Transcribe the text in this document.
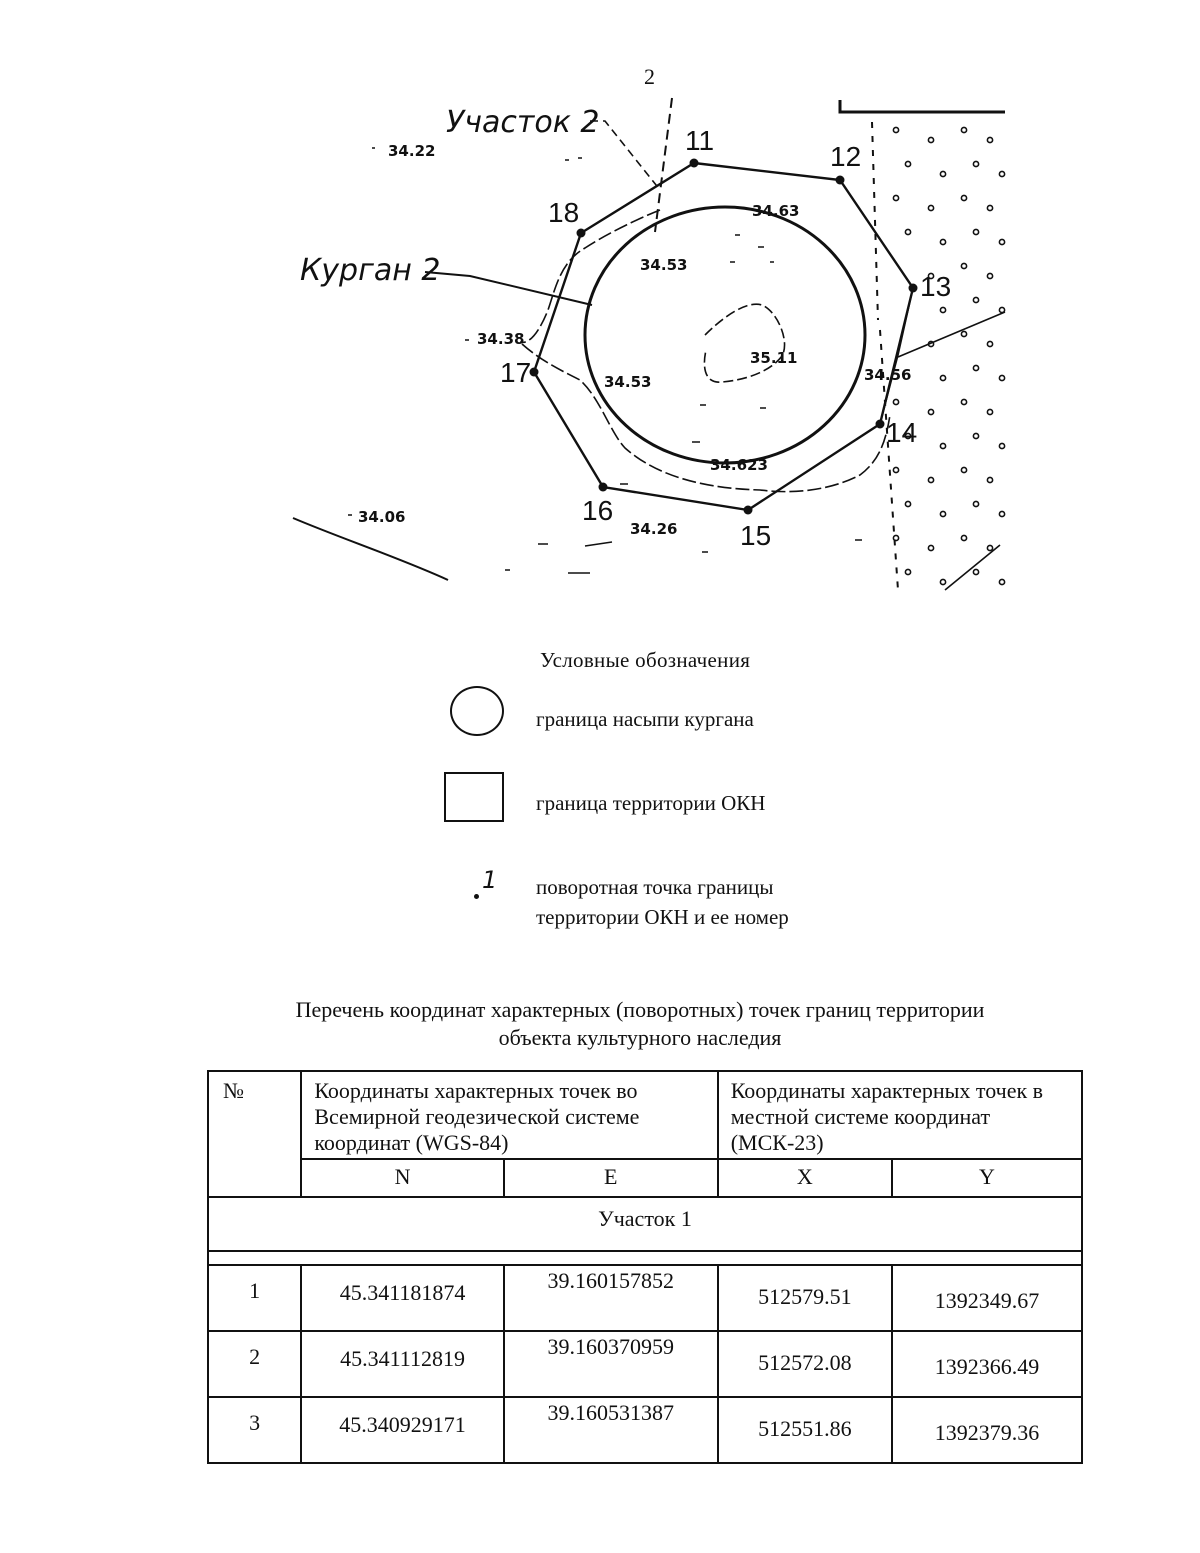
2
Участок 2
Курган 2
11
12
13
14
15
16
17
18
34.22
34.63
34.53
34.38
34.53
35.11
34.56
34.623
34.06
34.26
Условные обозначения
граница насыпи кургана
граница территории ОКН
1 поворотная точка границы
территории ОКН и ее номер
Перечень координат характерных (поворотных) точек границ территории
объекта культурного наследия
№	Координаты характерных точек во Всемирной геодезической системе координат (WGS-84)		Координаты характерных точек в местной системе координат (МСК-23)	
	N	E	X	Y
Участок 1				

1	45.341181874	39.160157852	512579.51	1392349.67
2	45.341112819	39.160370959	512572.08	1392366.49
3	45.340929171	39.160531387	512551.86	1392379.36
